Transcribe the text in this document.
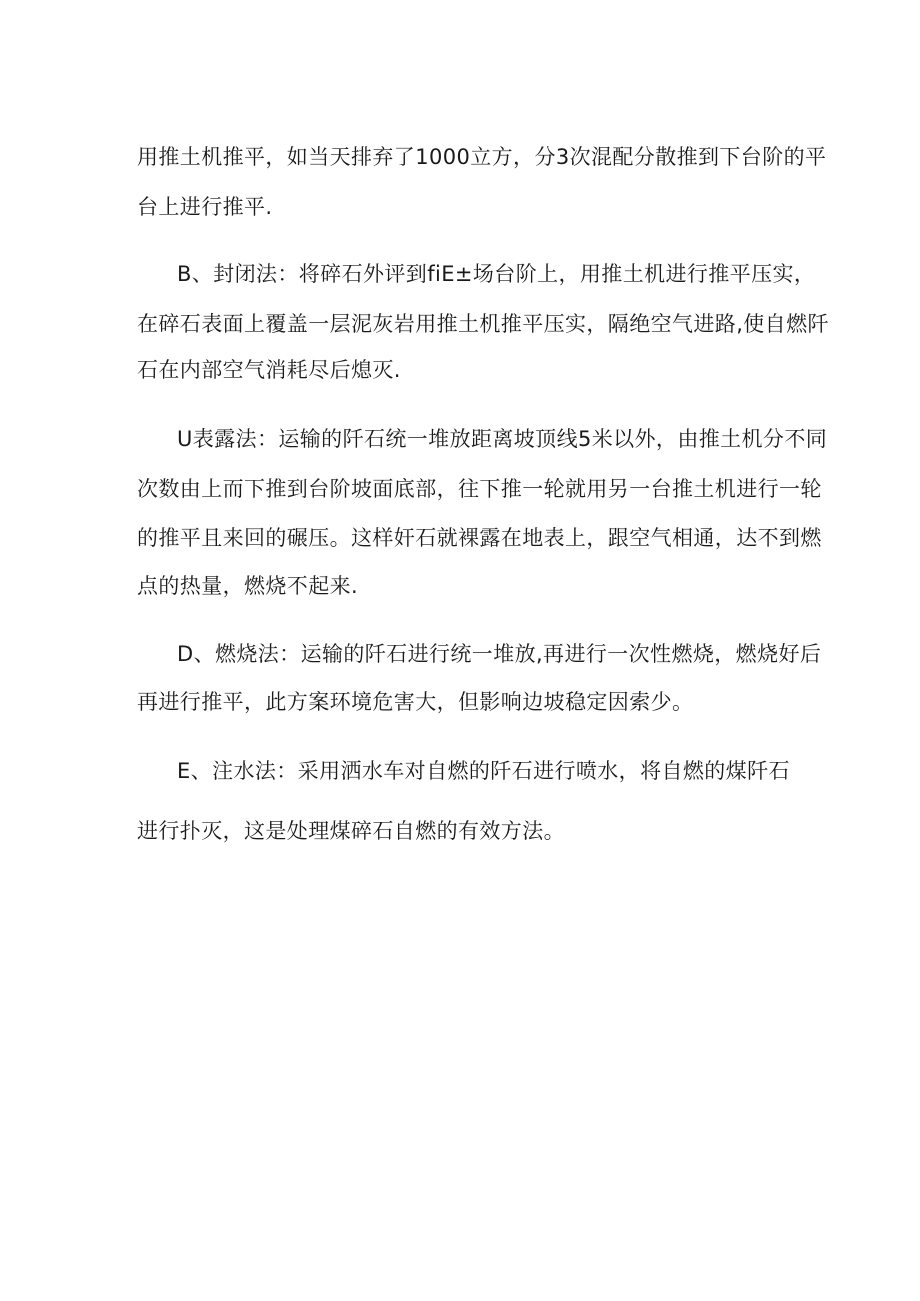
用推土机推平，如当天排弃了1000立方，分3次混配分散推到下台阶的平

台上进行推平.

B、封闭法：将碎石外评到fiE±场台阶上，用推土机进行推平压实，

在碎石表面上覆盖一层泥灰岩用推土机推平压实，隔绝空气进路,使自燃阡

石在内部空气消耗尽后熄灭.

U表露法：运输的阡石统一堆放距离坡顶线5米以外，由推土机分不同

次数由上而下推到台阶坡面底部，往下推一轮就用另一台推土机进行一轮

的推平且来回的碾压。这样奸石就裸露在地表上，跟空气相通，达不到燃

点的热量，燃烧不起来.

D、燃烧法：运输的阡石进行统一堆放,再进行一次性燃烧，燃烧好后

再进行推平，此方案环境危害大，但影响边坡稳定因索少。

E、注水法：采用洒水车对自燃的阡石进行喷水，将自燃的煤阡石

进行扑灭，这是处理煤碎石自燃的有效方法。
